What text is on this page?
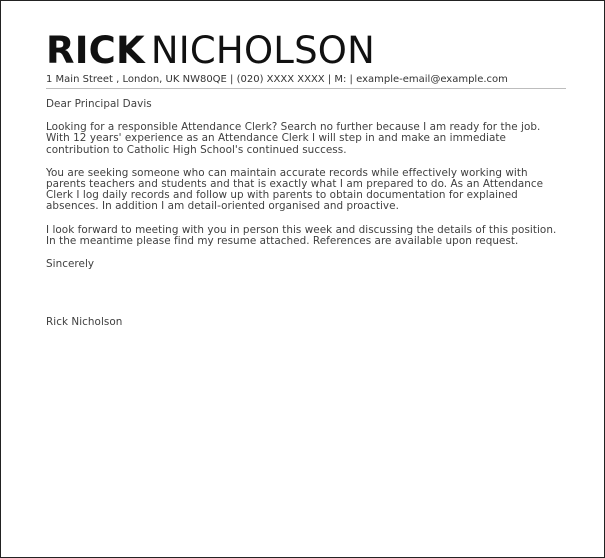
RICK NICHOLSON
1 Main Street , London, UK NW80QE | (020) XXXX XXXX | M: | example-email@example.com
Dear Principal Davis
Looking for a responsible Attendance Clerk? Search no further because I am ready for the job. With 12 years' experience as an Attendance Clerk I will step in and make an immediate contribution to Catholic High School's continued success.
You are seeking someone who can maintain accurate records while effectively working with parents teachers and students and that is exactly what I am prepared to do. As an Attendance Clerk I log daily records and follow up with parents to obtain documentation for explained absences. In addition I am detail-oriented organised and proactive.
I look forward to meeting with you in person this week and discussing the details of this position. In the meantime please find my resume attached. References are available upon request.
Sincerely
Rick Nicholson
